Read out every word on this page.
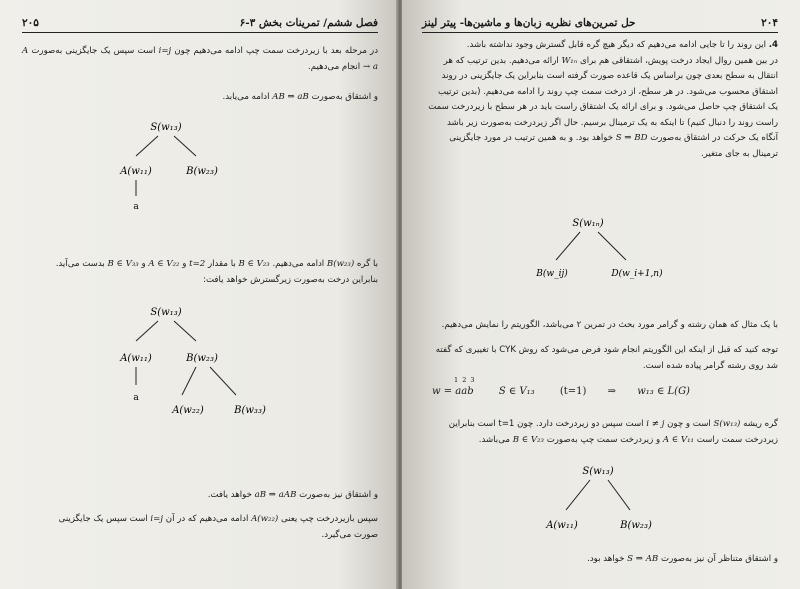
۲۰۵	فصل ششم/ تمرینات بخش ۳-۶
در مرحله بعد با زیردرخت سمت چپ ادامه می‌دهیم چون i=j است سپس یک جایگزینی به‌صورت A → a انجام می‌دهیم.
و اشتقاق به‌صورت AB ⇒ aB ادامه می‌یابد.
S(w₁₃)
A(w₁₁)	B(w₂₃)
a
با گره B(w₂₃) ادامه می‌دهیم. B ∈ V₂₃ با مقدار t=2 و A ∈ V₂₂ و B ∈ V₃₃ بدست می‌آید.
بنابراین درخت به‌صورت زیرگسترش خواهد یافت:
S(w₁₃)
A(w₁₁)	B(w₂₃)
a
A(w₂₂)	B(w₃₃)
و اشتقاق نیز به‌صورت aB ⇒ aAB خواهد یافت.
سپس بازیردرخت چپ یعنی A(w₂₂) ادامه می‌دهیم که در آن i=j است سپس یک جایگزینی
صورت می‌گیرد.
حل تمرین‌های نظریه زبان‌ها و ماشین‌ها- پیتر لینز	۲۰۴
4. این روند را تا جایی ادامه می‌دهیم که دیگر هیچ گره قابل گسترش وجود نداشته باشد.
در بین همین روال ایجاد درخت پویش، اشتقاقی هم برای W₁ₙ ارائه می‌دهیم. بدین ترتیب که هر
انتقال به سطح بعدی چون براساس یک قاعده صورت گرفته است بنابراین یک جایگزینی در روند
اشتقاق محسوب می‌شود. در هر سطح، از درخت سمت چپ روند را ادامه می‌دهیم. (بدین ترتیب
یک اشتقاق چپ حاصل می‌شود. و برای ارائه یک اشتقاق راست باید در هر سطح با زیردرخت سمت
راست روند را دنبال کنیم) تا اینکه به یک ترمینال برسیم. حال اگر زیردرخت به‌صورت زیر باشد
آنگاه یک حرکت در اشتقاق به‌صورت S ⇒ BD خواهد بود. و به همین ترتیب در مورد جایگزینی
ترمینال به جای متغیر.
S(w₁ₙ)
B(w_ij)	D(w_i+1,n)
با یک مثال که همان رشته و گرامر مورد بحث در تمرین ۲ می‌باشد، الگوریتم را نمایش می‌دهیم.
توجه کنید که قبل از اینکه این الگوریتم انجام شود فرض می‌شود که روش CYK با تغییری که گفته
شد روی رشته گرامر پیاده شده است.
1 2 3
w = aab	S ∈ V₁₃	(t=1) ⇒ w₁₃ ∈ L(G)
گره ریشه S(w₁₃) است و چون i ≠ j است سپس دو زیردرخت دارد. چون t=1 است بنابراین
زیردرخت سمت راست A ∈ V₁₁ و زیردرخت سمت چپ به‌صورت B ∈ V₂₃ می‌باشد.
S(w₁₃)
A(w₁₁)	B(w₂₃)
و اشتقاق متناظر آن نیز به‌صورت S ⇒ AB خواهد بود.
